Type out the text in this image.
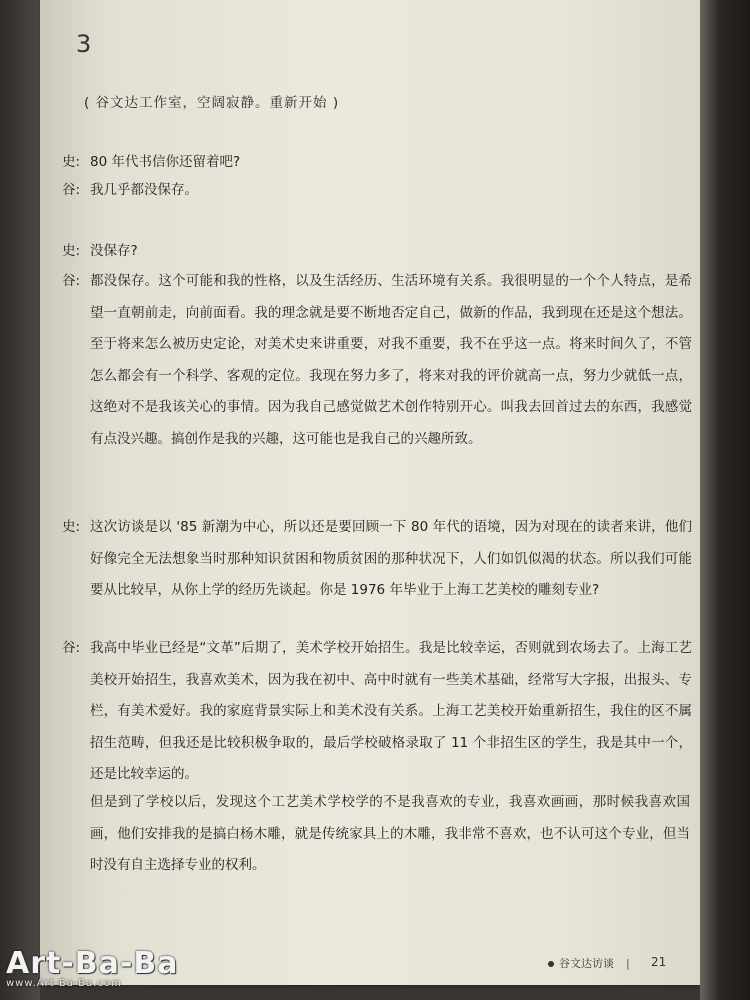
3
( 谷文达工作室，空阔寂静。重新开始 )
史: 80 年代书信你还留着吧?
谷: 我几乎都没保存。
史: 没保存?
谷: 都没保存。这个可能和我的性格，以及生活经历、生活环境有关系。我很明显的一个个人特点，是希望一直朝前走，向前面看。我的理念就是要不断地否定自己，做新的作品，我到现在还是这个想法。至于将来怎么被历史定论，对美术史来讲重要，对我不重要，我不在乎这一点。将来时间久了，不管怎么都会有一个科学、客观的定位。我现在努力多了，将来对我的评价就高一点，努力少就低一点，这绝对不是我该关心的事情。因为我自己感觉做艺术创作特别开心。叫我去回首过去的东西，我感觉有点没兴趣。搞创作是我的兴趣，这可能也是我自己的兴趣所致。
史: 这次访谈是以 '85 新潮为中心，所以还是要回顾一下 80 年代的语境，因为对现在的读者来讲，他们好像完全无法想象当时那种知识贫困和物质贫困的那种状况下，人们如饥似渴的状态。所以我们可能要从比较早，从你上学的经历先谈起。你是 1976 年毕业于上海工艺美校的雕刻专业?
谷: 我高中毕业已经是“文革”后期了，美术学校开始招生。我是比较幸运，否则就到农场去了。上海工艺美校开始招生，我喜欢美术，因为我在初中、高中时就有一些美术基础，经常写大字报，出报头、专栏，有美术爱好。我的家庭背景实际上和美术没有关系。上海工艺美校开始重新招生，我住的区不属招生范畴，但我还是比较积极争取的，最后学校破格录取了 11 个非招生区的学生，我是其中一个，还是比较幸运的。
但是到了学校以后，发现这个工艺美术学校学的不是我喜欢的专业，我喜欢画画，那时候我喜欢国画，他们安排我的是搞白杨木雕，就是传统家具上的木雕，我非常不喜欢，也不认可这个专业，但当时没有自主选择专业的权利。
谷文达访谈 |	21
Art-Ba-Ba
www.Art-Ba-Ba.com
